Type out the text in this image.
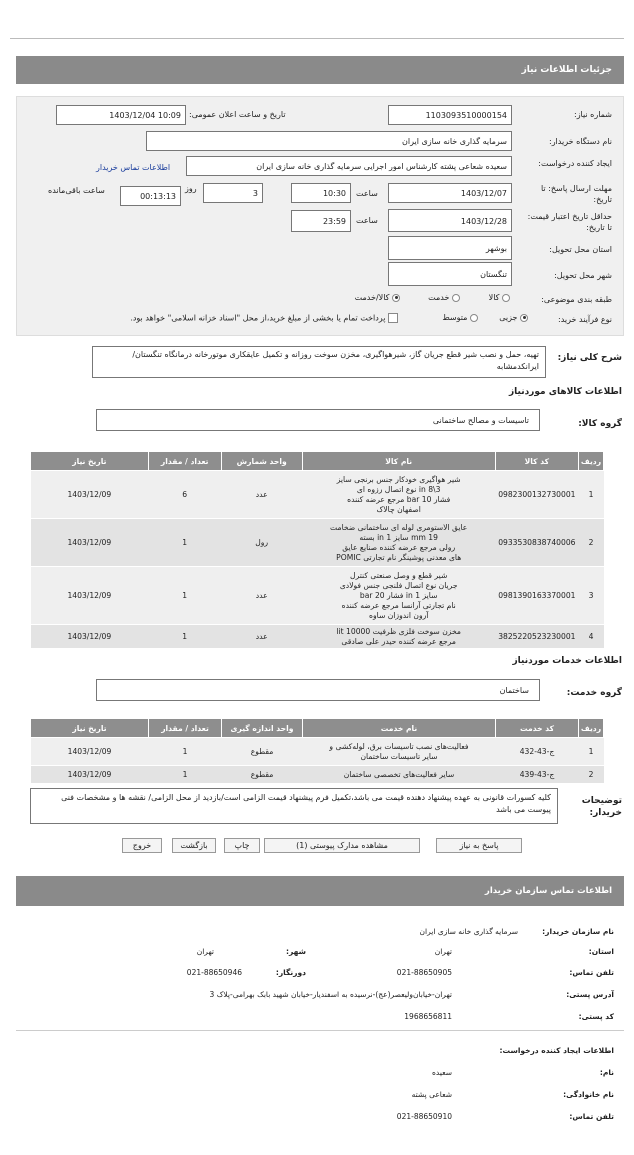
جزئیات اطلاعات نیاز
شماره نیاز:
1103093510000154
تاریخ و ساعت اعلان عمومی:
1403/12/04 10:09
نام دستگاه خریدار:
سرمایه گذاری خانه سازی ایران
ایجاد کننده درخواست:
سعیده شعاعی پشته کارشناس امور اجرایی سرمایه گذاری خانه سازی ایران
اطلاعات تماس خریدار
مهلت ارسال پاسخ: تا تاریخ:
1403/12/07
ساعت
10:30
3
روز
00:13:13
ساعت باقی‌مانده
حداقل تاریخ اعتبار قیمت: تا تاریخ:
1403/12/28
ساعت
23:59
استان محل تحویل:
بوشهر
شهر محل تحویل:
تنگستان
طبقه بندی موضوعی:
کالا
خدمت
کالا/خدمت
نوع فرآیند خرید:
جزیی
متوسط
پرداخت تمام یا بخشی از مبلغ خرید،از محل "اسناد خزانه اسلامی" خواهد بود.
شرح کلی نیاز:
تهیه، حمل و نصب شیر قطع جریان گاز، شیرهواگیری، مخزن سوخت روزانه و تکمیل عایقکاری موتورخانه درمانگاه تنگستان/ایرانکدمشابه
اطلاعات کالاهای موردنیاز
گروه کالا:
تاسیسات و مصالح ساختمانی
ردیف	کد کالا	نام کالا	واحد شمارش	تعداد / مقدار	تاریخ نیاز
1	0982300132730001	شیر هواگیری خودکار جنس برنجی سایز
3\8 in نوع اتصال رزوه ای
فشار 10 bar مرجع عرضه کننده
اصفهان چالاک	عدد	6	1403/12/09
2	0933530838740006	عایق الاستومری لوله ای ساختمانی ضخامت
19 mm سایز 1 in بسته
رولی مرجع عرضه کننده صنایع عایق
های معدنی پوشینگر نام تجارتی POMIC	رول	1	1403/12/09
3	0981390163370001	شیر قطع و وصل صنعتی کنترل
جریان نوع اتصال فلنجی جنس فولادی
سایز 1 in فشار 20 bar
نام تجارتی آرانسا مرجع عرضه کننده
آرون اندوزان ساوه	عدد	1	1403/12/09
4	3825220523230001	مخزن سوخت فلزی ظرفیت 10000 lit
مرجع عرضه کننده حیدر علی صادقی	عدد	1	1403/12/09
اطلاعات خدمات موردنیاز
گروه خدمت:
ساختمان
ردیف	کد خدمت	نام خدمت	واحد اندازه گیری	تعداد / مقدار	تاریخ نیاز
1	ج-43-432	فعالیت‌های نصب تاسیسات برق، لوله‌کشی و
سایر تاسیسات ساختمان	مقطوع	1	1403/12/09
2	ج-43-439	سایر فعالیت‌های تخصصی ساختمان	مقطوع	1	1403/12/09
توضیحات خریدار:
کلیه کسورات قانونی به عهده پیشنهاد دهنده قیمت می باشد،تکمیل فرم پیشنهاد قیمت الزامی است/بازدید از محل الزامی/ نقشه ها و مشخصات فنی پیوست می باشد
پاسخ به نیاز
مشاهده مدارک پیوستی (1)
چاپ
بازگشت
خروج
اطلاعات تماس سازمان خریدار
نام سازمان خریدار:
سرمایه گذاری خانه سازی ایران
استان:
تهران
شهر:
تهران
تلفن تماس:
021-88650905
دورنگار:
021-88650946
آدرس پستی:
تهران-خیابان‌ولیعصر(عج)-نرسیده به اسفندیار-خیابان شهید بابک بهرامی-پلاک 3
کد پستی:
1968656811
اطلاعات ایجاد کننده درخواست:
نام:
سعیده
نام خانوادگی:
شعاعی پشته
تلفن تماس:
021-88650910
